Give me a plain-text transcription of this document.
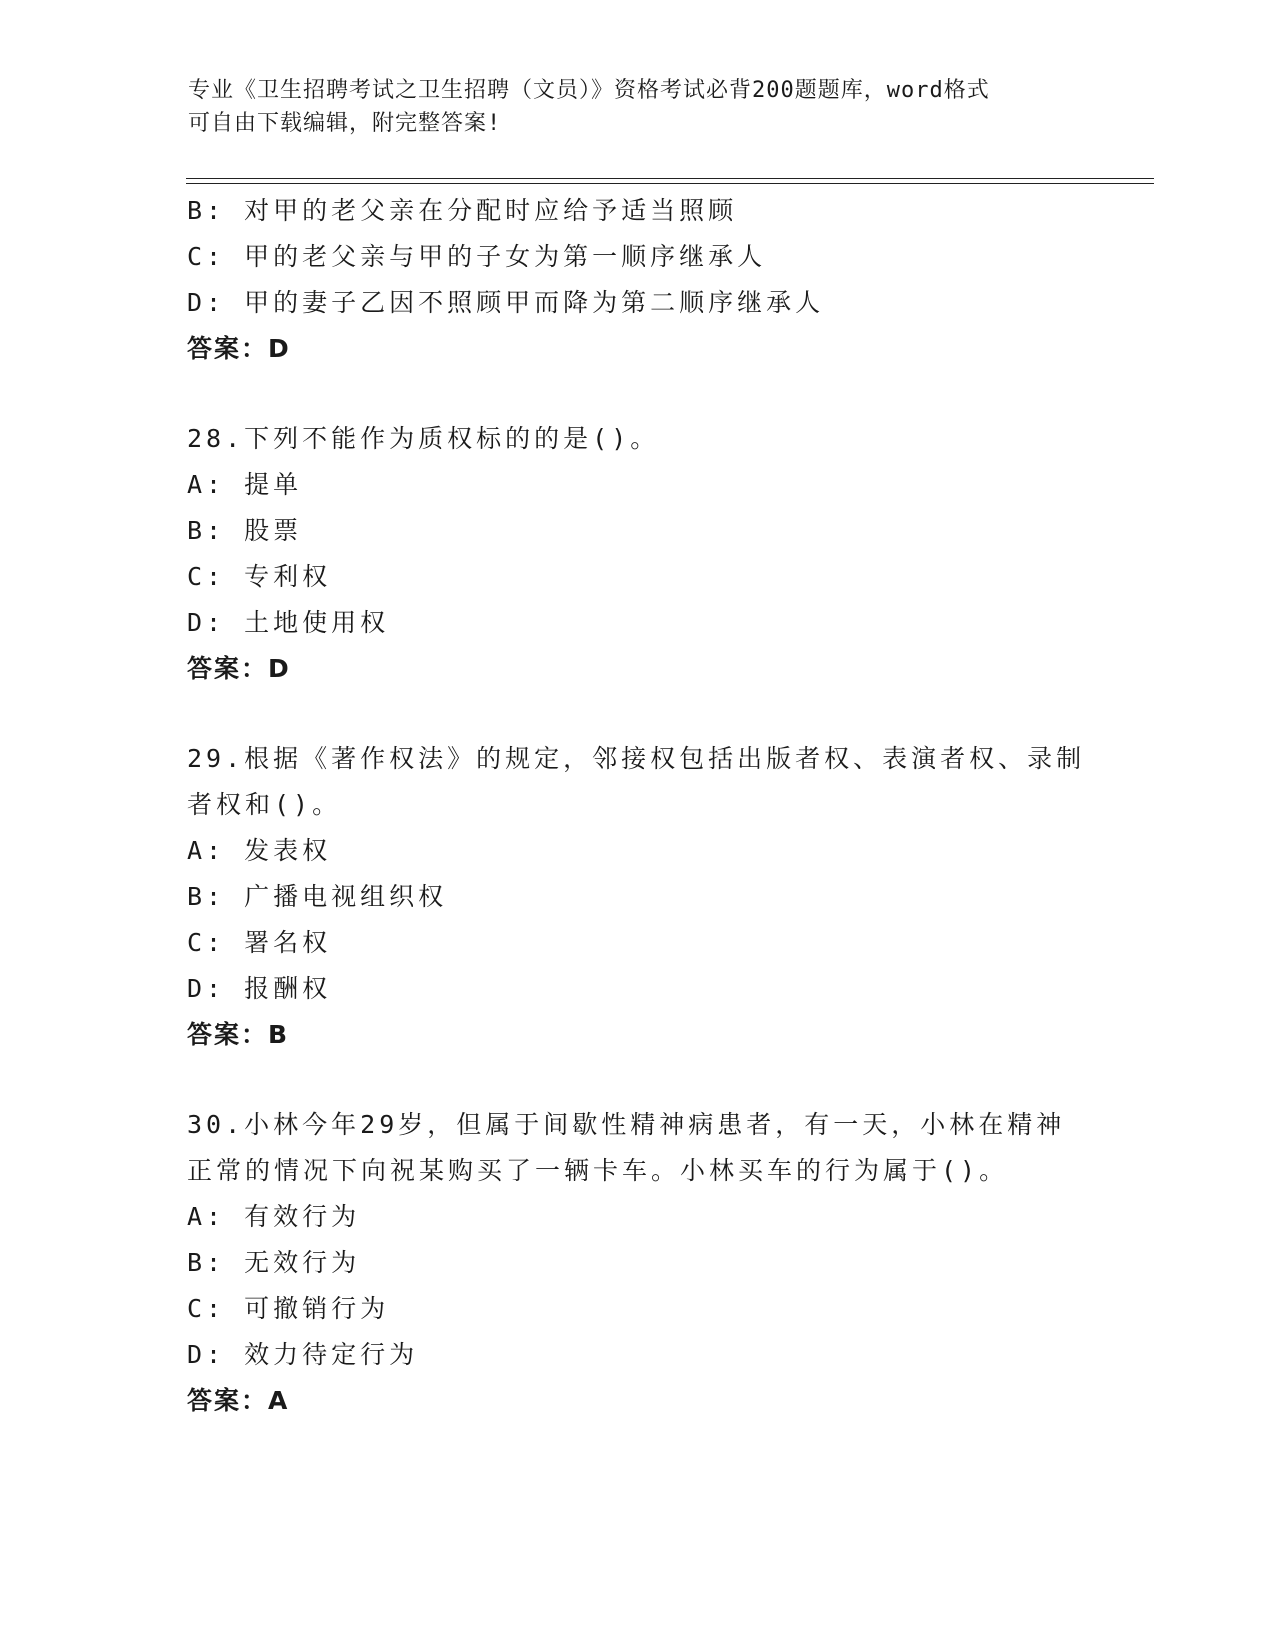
专业《卫生招聘考试之卫生招聘（文员）》资格考试必背200题题库，word格式
可自由下载编辑，附完整答案!
B: 对甲的老父亲在分配时应给予适当照顾
C: 甲的老父亲与甲的子女为第一顺序继承人
D: 甲的妻子乙因不照顾甲而降为第二顺序继承人
答案：D
28.下列不能作为质权标的的是()。
A: 提单
B: 股票
C: 专利权
D: 土地使用权
答案：D
29.根据《著作权法》的规定，邻接权包括出版者权、表演者权、录制
者权和()。
A: 发表权
B: 广播电视组织权
C: 署名权
D: 报酬权
答案：B
30.小林今年29岁，但属于间歇性精神病患者，有一天，小林在精神
正常的情况下向祝某购买了一辆卡车。小林买车的行为属于()。
A: 有效行为
B: 无效行为
C: 可撤销行为
D: 效力待定行为
答案：A
